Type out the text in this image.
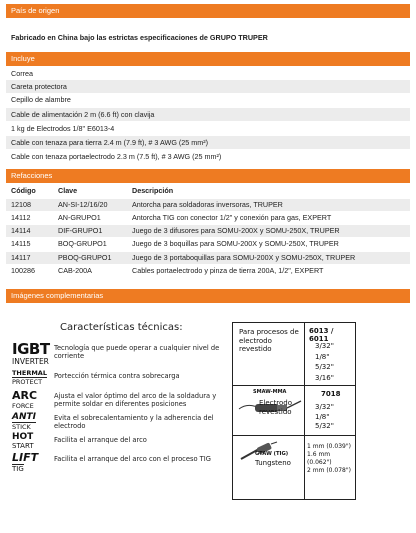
País de origen
Fabricado en China bajo las estrictas especificaciones de GRUPO TRUPER
Incluye
Correa
Careta protectora
Cepillo de alambre
Cable de alimentación 2 m (6.6 ft) con clavija
1 kg de Electrodos 1/8" E6013-4
Cable con tenaza para tierra 2.4 m (7.9 ft), # 3 AWG (25 mm²)
Cable con tenaza portaelectrodo 2.3 m (7.5 ft), # 3 AWG (25 mm²)
Refacciones
Código	Clave	Descripción
12108	AN-SI-12/16/20	Antorcha para soldadoras inversoras, TRUPER
14112	AN-GRUPO1	Antorcha TIG con conector 1/2" y conexión para gas, EXPERT
14114	DIF-GRUPO1	Juego de 3 difusores para SOMU-200X y SOMU-250X, TRUPER
14115	BOQ-GRUPO1	Juego de 3 boquillas para SOMU-200X y SOMU-250X, TRUPER
14117	PBOQ-GRUPO1	Juego de 3 portaboquillas para SOMU-200X y SOMU-250X, TRUPER
100286	CAB-200A	Cables portaelectrodo y pinza de tierra 200A, 1/2", EXPERT
Imágenes complementarias
Características técnicas:
IGBT
INVERTER
Tecnología que puede operar a cualquier nivel de corriente
THERMAL
PROTECT
Portección térmica contra sobrecarga
ARC
FORCE
Ajusta el valor óptimo del arco de la soldadura y permite soldar en diferentes posiciones
ANTI
STICK
Evita el sobrecalentamiento y la adherencia del electrodo
HOT
START
Facilita el arranque del arco
LIFT
TIG
Facilita el arranque del arco con el proceso TIG
Para procesos de electrodo revestido
6013 / 6011
3/32"
1/8"
5/32"
3/16"
SMAW-MMA
Electrodo revestido
7018
3/32"
1/8"
5/32"
GTAW (TIG)
Tungsteno
1 mm (0.039")
1.6 mm (0.062")
2 mm (0.078")
